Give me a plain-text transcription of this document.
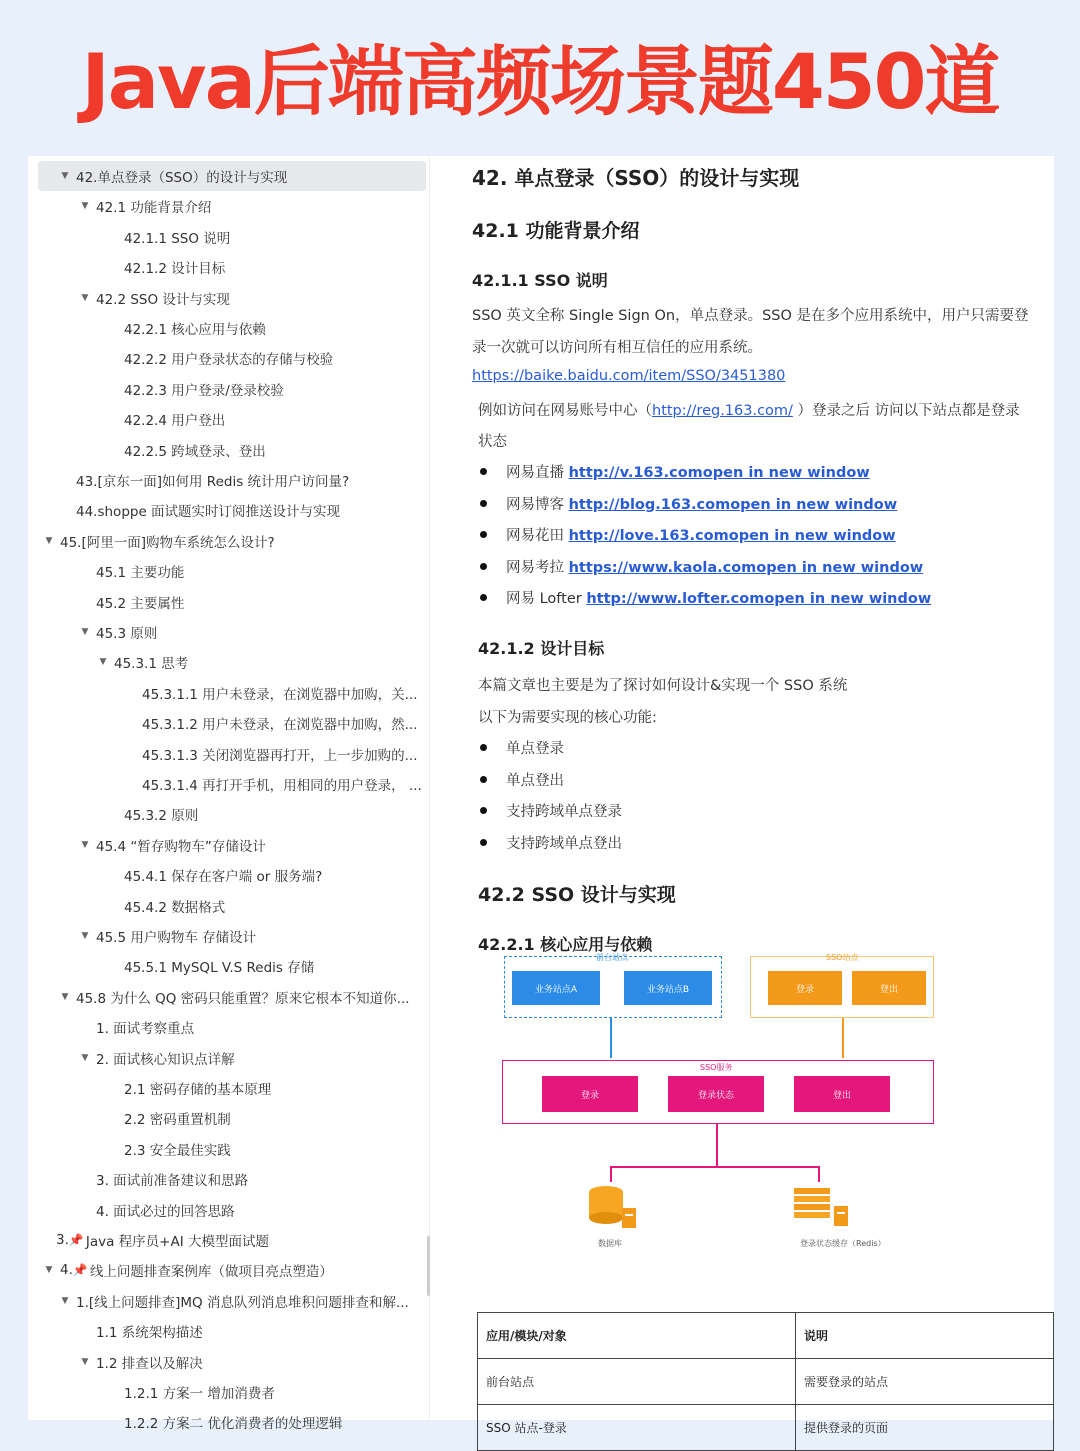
Java后端高频场景题450道
▼ 42.单点登录（SSO）的设计与实现
▼ 42.1 功能背景介绍
42.1.1 SSO 说明
42.1.2 设计目标
▼ 42.2 SSO 设计与实现
42.2.1 核心应用与依赖
42.2.2 用户登录状态的存储与校验
42.2.3 用户登录/登录校验
42.2.4 用户登出
42.2.5 跨域登录、登出
43.[京东一面]如何用 Redis 统计用户访问量?
44.shoppe 面试题实时订阅推送设计与实现
▼ 45.[阿里一面]购物车系统怎么设计?
45.1 主要功能
45.2 主要属性
▼ 45.3 原则
▼ 45.3.1 思考
45.3.1.1 用户未登录，在浏览器中加购，关...
45.3.1.2 用户未登录，在浏览器中加购，然...
45.3.1.3 关闭浏览器再打开，上一步加购的...
45.3.1.4 再打开手机，用相同的用户登录， ...
45.3.2 原则
▼ 45.4 “暂存购物车”存储设计
45.4.1 保存在客户端 or 服务端?
45.4.2 数据格式
▼ 45.5 用户购物车 存储设计
45.5.1 MySQL V.S Redis 存储
▼ 45.8 为什么 QQ 密码只能重置？原来它根本不知道你...
1. 面试考察重点
▼ 2. 面试核心知识点详解
2.1 密码存储的基本原理
2.2 密码重置机制
2.3 安全最佳实践
3. 面试前准备建议和思路
4. 面试必过的回答思路
3. 📌 Java 程序员+AI 大模型面试题
▼ 4. 📌 线上问题排查案例库（做项目亮点塑造）
▼ 1.[线上问题排查]MQ 消息队列消息堆积问题排查和解...
1.1 系统架构描述
▼ 1.2 排查以及解决
1.2.1 方案一 增加消费者
1.2.2 方案二 优化消费者的处理逻辑
42. 单点登录（SSO）的设计与实现
42.1 功能背景介绍
42.1.1 SSO 说明
SSO 英文全称 Single Sign On，单点登录。SSO 是在多个应用系统中，用户只需要登
录一次就可以访问所有相互信任的应用系统。
https://baike.baidu.com/item/SSO/3451380
例如访问在网易账号中心（http://reg.163.com/ ）登录之后 访问以下站点都是登录
状态
网易直播 http://v.163.comopen in new window
网易博客 http://blog.163.comopen in new window
网易花田 http://love.163.comopen in new window
网易考拉 https://www.kaola.comopen in new window
网易 Lofter http://www.lofter.comopen in new window
42.1.2 设计目标
本篇文章也主要是为了探讨如何设计&实现一个 SSO 系统
以下为需要实现的核心功能:
单点登录
单点登出
支持跨域单点登录
支持跨域单点登出
42.2 SSO 设计与实现
42.2.1 核心应用与依赖
前台站点
业务站点A	业务站点B
SSO站点
登录	登出
SSO服务
登录	登录状态	登出
数据库	登录状态缓存（Redis）
应用/模块/对象	说明
前台站点	需要登录的站点
SSO 站点-登录	提供登录的页面
